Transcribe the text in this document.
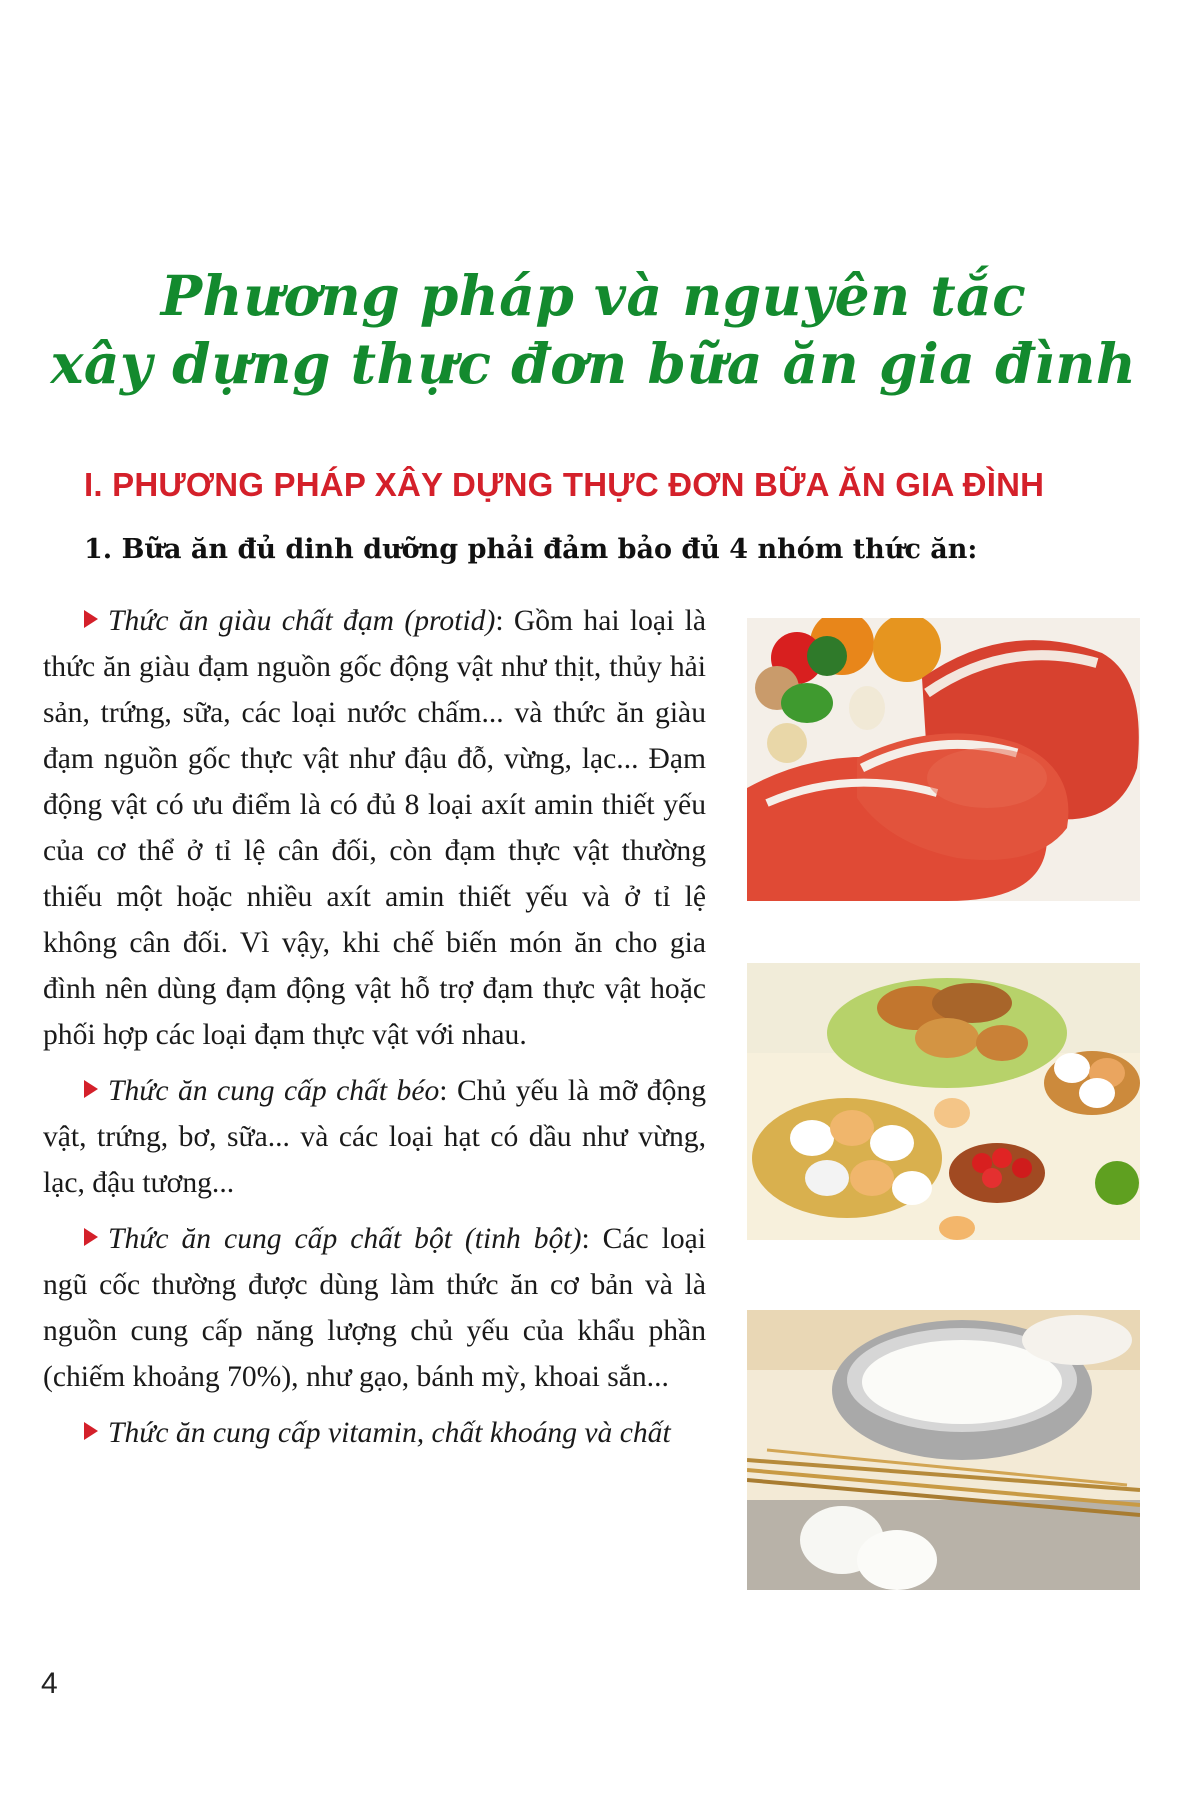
Phương pháp và nguyên tắc
xây dựng thực đơn bữa ăn gia đình
I. PHƯƠNG PHÁP XÂY DỰNG THỰC ĐƠN BỮA ĂN GIA ĐÌNH
1. Bữa ăn đủ dinh dưỡng phải đảm bảo đủ 4 nhóm thức ăn:

Thức ăn giàu chất đạm (protid): Gồm hai loại là thức ăn giàu đạm nguồn gốc động vật như thịt, thủy hải sản, trứng, sữa, các loại nước chấm... và thức ăn giàu đạm nguồn gốc thực vật như đậu đỗ, vừng, lạc... Đạm động vật có ưu điểm là có đủ 8 loại axít amin thiết yếu của cơ thể ở tỉ lệ cân đối, còn đạm thực vật thường thiếu một hoặc nhiều axít amin thiết yếu và ở tỉ lệ không cân đối. Vì vậy, khi chế biến món ăn cho gia đình nên dùng đạm động vật hỗ trợ đạm thực vật hoặc phối hợp các loại đạm thực vật với nhau.

Thức ăn cung cấp chất béo: Chủ yếu là mỡ động vật, trứng, bơ, sữa... và các loại hạt có dầu như vừng, lạc, đậu tương...

Thức ăn cung cấp chất bột (tinh bột): Các loại ngũ cốc thường được dùng làm thức ăn cơ bản và là nguồn cung cấp năng lượng chủ yếu của khẩu phần (chiếm khoảng 70%), như gạo, bánh mỳ, khoai sắn...

Thức ăn cung cấp vitamin, chất khoáng và chất

4
